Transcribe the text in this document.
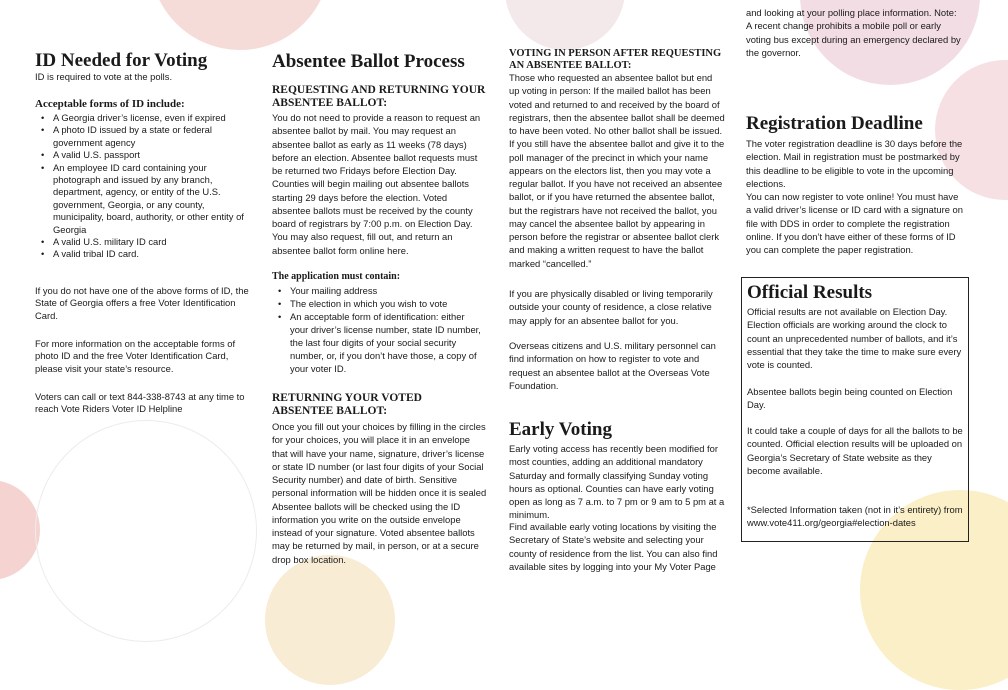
ID Needed for Voting

ID is required to vote at the polls.

Acceptable forms of ID include:
• A Georgia driver’s license, even if expired
• A photo ID issued by a state or federal government agency
• A valid U.S. passport
• An employee ID card containing your photograph and issued by any branch, department, agency, or entity of the U.S. government, Georgia, or any county, municipality, board, authority, or other entity of Georgia
• A valid U.S. military ID card
• A valid tribal ID card.

If you do not have one of the above forms of ID, the State of Georgia offers a free Voter Identification Card.

For more information on the acceptable forms of photo ID and the free Voter Identification Card, please visit your state’s resource.

Voters can call or text 844-338-8743 at any time to reach Vote Riders Voter ID Helpline

Absentee Ballot Process
REQUESTING AND RETURNING YOUR ABSENTEE BALLOT:

You do not need to provide a reason to request an absentee ballot by mail. You may request an absentee ballot as early as 11 weeks (78 days) before an election. Absentee ballot requests must be returned two Fridays before Election Day. Counties will begin mailing out absentee ballots starting 29 days before the election. Voted absentee ballots must be received by the county board of registrars by 7:00 p.m. on Election Day. You may also request, fill out, and return an absentee ballot form online here.

The application must contain:
• Your mailing address
• The election in which you wish to vote
• An acceptable form of identification: either your driver’s license number, state ID number, the last four digits of your social security number, or, if you don’t have those, a copy of your voter ID.
RETURNING YOUR VOTED ABSENTEE BALLOT:

Once you fill out your choices by filling in the circles for your choices, you will place it in an envelope that will have your name, signature, driver’s license or state ID number (or last four digits of your Social Security number) and date of birth. Sensitive personal information will be hidden once it is sealed Absentee ballots will be checked using the ID information you write on the outside envelope instead of your signature. Voted absentee ballots may be returned by mail, in person, or at a secure drop box location.

VOTING IN PERSON AFTER REQUESTING AN ABSENTEE BALLOT:

Those who requested an absentee ballot but end up voting in person: If the mailed ballot has been voted and returned to and received by the board of registrars, then the absentee ballot shall be deemed to have been voted. No other ballot shall be issued. If you still have the absentee ballot and give it to the poll manager of the precinct in which your name appears on the electors list, then you may vote a regular ballot. If you have not received an absentee ballot, or if you have returned the absentee ballot, but the registrars have not received the ballot, you may cancel the absentee ballot by appearing in person before the registrar or absentee ballot clerk and making a written request to have the ballot marked “cancelled.”

If you are physically disabled or living temporarily outside your county of residence, a close relative may apply for an absentee ballot for you.

Overseas citizens and U.S. military personnel can find information on how to register to vote and request an absentee ballot at the Overseas Vote Foundation.

Early Voting

Early voting access has recently been modified for most counties, adding an additional mandatory Saturday and formally classifying Sunday voting hours as optional. Counties can have early voting open as long as 7 a.m. to 7 pm or 9 am to 5 pm at a minimum.

Find available early voting locations by visiting the Secretary of State’s website and selecting your county of residence from the list. You can also find available sites by logging into your My Voter Page

and looking at your polling place information. Note: A recent change prohibits a mobile poll or early voting bus except during an emergency declared by the governor.

Registration Deadline

The voter registration deadline is 30 days before the election. Mail in registration must be postmarked by this deadline to be eligible to vote in the upcoming elections.

You can now register to vote online! You must have a valid driver’s license or ID card with a signature on file with DDS in order to complete the registration online. If you don’t have either of these forms of ID you can complete the paper registration.

Official Results

Official results are not available on Election Day. Election officials are working around the clock to count an unprecedented number of ballots, and it’s essential that they take the time to make sure every vote is counted.

Absentee ballots begin being counted on Election Day.

It could take a couple of days for all the ballots to be counted. Official election results will be uploaded on Georgia’s Secretary of State website as they become available.

*Selected Information taken (not in it’s entirety) from www.vote411.org/georgia#election-dates
